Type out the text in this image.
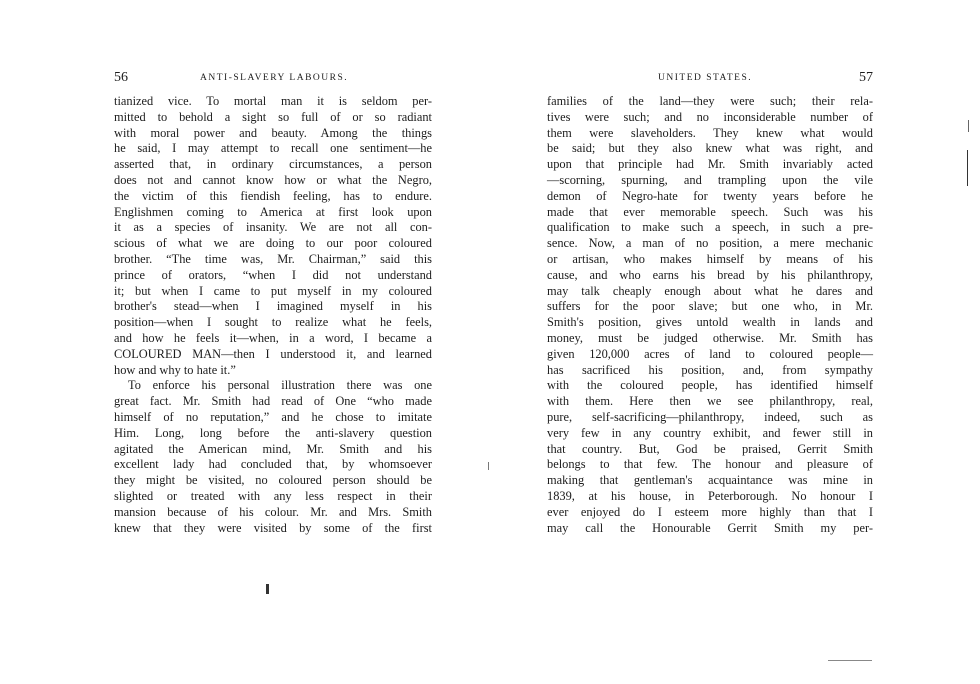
56	ANTI-SLAVERY LABOURS.
tianized vice. To mortal man it is seldom per-
mitted to behold a sight so full of or so radiant
with moral power and beauty. Among the things
he said, I may attempt to recall one sentiment—he
asserted that, in ordinary circumstances, a person
does not and cannot know how or what the Negro,
the victim of this fiendish feeling, has to endure.
Englishmen coming to America at first look upon
it as a species of insanity. We are not all con-
scious of what we are doing to our poor coloured
brother. “The time was, Mr. Chairman,” said this
prince of orators, “when I did not understand
it; but when I came to put myself in my coloured
brother's stead—when I imagined myself in his
position—when I sought to realize what he feels,
and how he feels it—when, in a word, I became a
COLOURED MAN—then I understood it, and learned
how and why to hate it.”
To enforce his personal illustration there was one
great fact. Mr. Smith had read of One “who made
himself of no reputation,” and he chose to imitate
Him. Long, long before the anti-slavery question
agitated the American mind, Mr. Smith and his
excellent lady had concluded that, by whomsoever
they might be visited, no coloured person should be
slighted or treated with any less respect in their
mansion because of his colour. Mr. and Mrs. Smith
knew that they were visited by some of the first
UNITED STATES.	57
families of the land—they were such; their rela-
tives were such; and no inconsiderable number of
them were slaveholders. They knew what would
be said; but they also knew what was right, and
upon that principle had Mr. Smith invariably acted
—scorning, spurning, and trampling upon the vile
demon of Negro-hate for twenty years before he
made that ever memorable speech. Such was his
qualification to make such a speech, in such a pre-
sence. Now, a man of no position, a mere mechanic
or artisan, who makes himself by means of his
cause, and who earns his bread by his philanthropy,
may talk cheaply enough about what he dares and
suffers for the poor slave; but one who, in Mr.
Smith's position, gives untold wealth in lands and
money, must be judged otherwise. Mr. Smith has
given 120,000 acres of land to coloured people—
has sacrificed his position, and, from sympathy
with the coloured people, has identified himself
with them. Here then we see philanthropy, real,
pure, self-sacrificing—philanthropy, indeed, such as
very few in any country exhibit, and fewer still in
that country. But, God be praised, Gerrit Smith
belongs to that few. The honour and pleasure of
making that gentleman's acquaintance was mine in
1839, at his house, in Peterborough. No honour I
ever enjoyed do I esteem more highly than that I
may call the Honourable Gerrit Smith my per-
